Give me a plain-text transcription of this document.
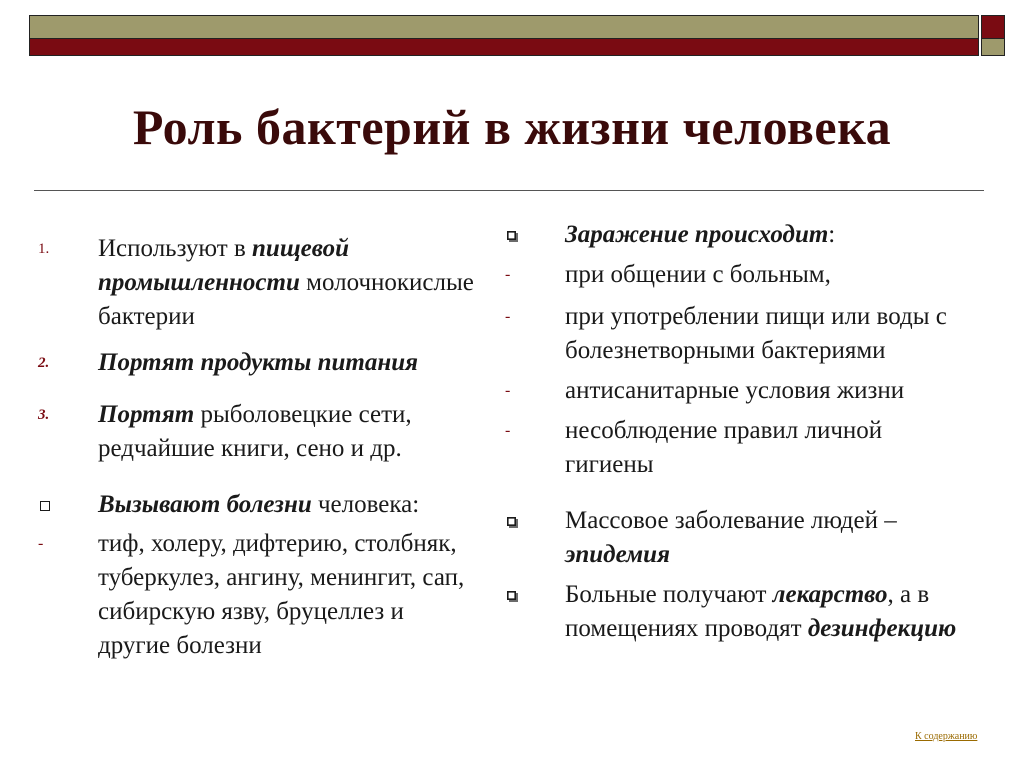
Роль бактерий в жизни человека
1.	Используют в пищевой промышленности молочнокислые бактерии
2.	Портят продукты питания
3.	Портят рыболовецкие сети, редчайшие книги, сено и др.
Вызывают болезни человека:
-	тиф, холеру, дифтерию, столбняк, туберкулез, ангину, менингит, сап, сибирскую язву, бруцеллез и другие болезни
Заражение происходит:
-	при общении с больным,
-	при употреблении пищи или воды с болезнетворными бактериями
-	антисанитарные условия жизни
-	несоблюдение правил личной гигиены
Массовое заболевание людей – эпидемия
Больные получают лекарство, а в помещениях проводят дезинфекцию
К содержанию
